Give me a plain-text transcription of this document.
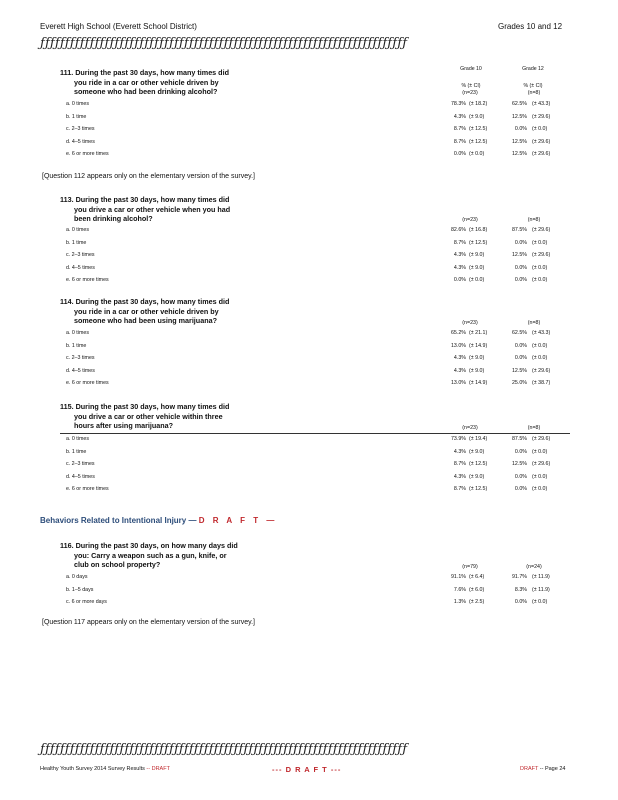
Everett High School (Everett School District)	Grades 10 and 12
ƒƒƒƒƒƒƒƒƒƒƒƒƒƒƒƒƒƒƒƒƒƒƒƒƒƒƒƒƒƒƒƒƒƒƒƒƒƒƒƒƒƒƒƒƒƒƒƒƒƒƒƒƒƒƒƒƒƒƒƒƒƒƒƒƒƒƒƒƒƒƒƒƒƒ
Grade 10	Grade 12
% (± CI)	% (± CI)
111. During the past 30 days, how many times did
you ride in a car or other vehicle driven by
someone who had been drinking alcohol?	(n=23)	(n=8)
a. 0 times	78.3% (± 18.2)	62.5% (± 43.3)
b. 1 time	4.3% (± 9.0)	12.5% (± 29.6)
c. 2–3 times	8.7% (± 12.5)	0.0% (± 0.0)
d. 4–5 times	8.7% (± 12.5)	12.5% (± 29.6)
e. 6 or more times	0.0% (± 0.0)	12.5% (± 29.6)
113. During the past 30 days, how many times did
you drive a car or other vehicle when you had
been drinking alcohol?	(n=23)	(n=8)
a. 0 times	82.6% (± 16.8)	87.5% (± 29.6)
b. 1 time	8.7% (± 12.5)	0.0% (± 0.0)
c. 2–3 times	4.3% (± 9.0)	12.5% (± 29.6)
d. 4–5 times	4.3% (± 9.0)	0.0% (± 0.0)
e. 6 or more times	0.0% (± 0.0)	0.0% (± 0.0)
114. During the past 30 days, how many times did
you ride in a car or other vehicle driven by
someone who had been using marijuana?	(n=23)	(n=8)
a. 0 times	65.2% (± 21.1)	62.5% (± 43.3)
b. 1 time	13.0% (± 14.9)	0.0% (± 0.0)
c. 2–3 times	4.3% (± 9.0)	0.0% (± 0.0)
d. 4–5 times	4.3% (± 9.0)	12.5% (± 29.6)
e. 6 or more times	13.0% (± 14.9)	25.0% (± 38.7)
115. During the past 30 days, how many times did
you drive a car or other vehicle within three
hours after using marijuana?	(n=23)	(n=8)
a. 0 times	73.9% (± 19.4)	87.5% (± 29.6)
b. 1 time	4.3% (± 9.0)	0.0% (± 0.0)
c. 2–3 times	8.7% (± 12.5)	12.5% (± 29.6)
d. 4–5 times	4.3% (± 9.0)	0.0% (± 0.0)
e. 6 or more times	8.7% (± 12.5)	0.0% (± 0.0)
116. During the past 30 days, on how many days did
you: Carry a weapon such as a gun, knife, or
club on school property?	(n=79)	(n=24)
a. 0 days	91.1% (± 6.4)	91.7% (± 11.9)
b. 1–5 days	7.6% (± 6.0)	8.3% (± 11.9)
c. 6 or more days	1.3% (± 2.5)	0.0% (± 0.0)
[Question 112 appears only on the elementary version of the survey.]
[Question 117 appears only on the elementary version of the survey.]
Behaviors Related to Intentional Injury — D R A F T —
ƒƒƒƒƒƒƒƒƒƒƒƒƒƒƒƒƒƒƒƒƒƒƒƒƒƒƒƒƒƒƒƒƒƒƒƒƒƒƒƒƒƒƒƒƒƒƒƒƒƒƒƒƒƒƒƒƒƒƒƒƒƒƒƒƒƒƒƒƒƒƒƒƒƒ
Healthy Youth Survey 2014 Survey Results -- DRAFT	--- D R A F T ---	DRAFT -- Page 24
